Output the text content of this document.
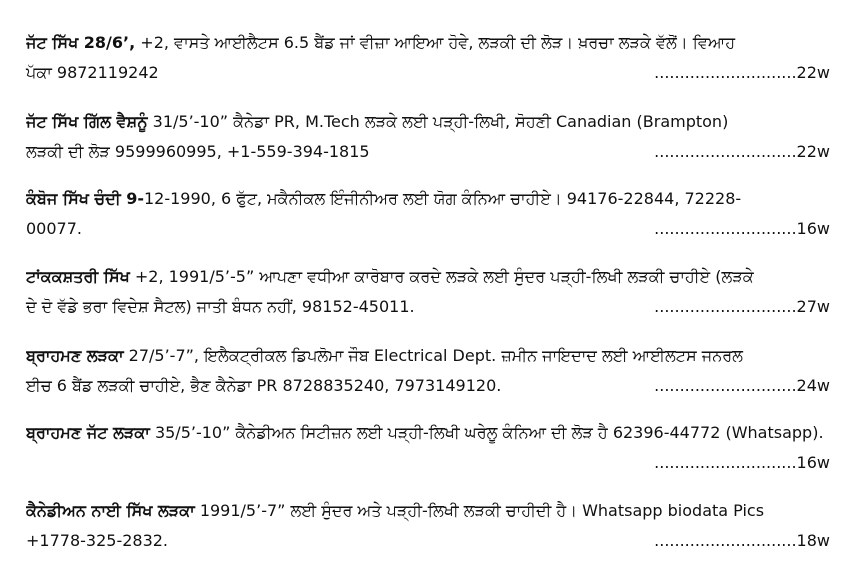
ਜੱਟ ਸਿੱਖ 28/6’, +2, ਵਾਸਤੇ ਆਈਲੈਟਸ 6.5 ਬੈਂਡ ਜਾਂ ਵੀਜ਼ਾ ਆਇਆ ਹੋਵੇ, ਲੜਕੀ ਦੀ ਲੋੜ। ਖ਼ਰਚਾ ਲੜਕੇ ਵੱਲੋਂ। ਵਿਆਹ
ਪੱਕਾ 9872119242	............................22w
ਜੱਟ ਸਿੱਖ ਗਿੱਲ ਵੈਸ਼ਨੂੰ 31/5’-10” ਕੈਨੇਡਾ PR, M.Tech ਲੜਕੇ ਲਈ ਪੜ੍ਹੀ-ਲਿਖੀ, ਸੋਹਣੀ Canadian (Brampton)
ਲੜਕੀ ਦੀ ਲੋੜ 9599960995, +1-559-394-1815	............................22w
ਕੰਬੋਜ ਸਿੱਖ ਚੰਦੀ 9-12-1990, 6 ਫੁੱਟ, ਮਕੈਨੀਕਲ ਇੰਜੀਨੀਅਰ ਲਈ ਯੋਗ ਕੰਨਿਆ ਚਾਹੀਏ। 94176-22844, 72228-
00077.	............................16w
ਟਾਂਕਕਸ਼ਤਰੀ ਸਿੱਖ +2, 1991/5’-5” ਆਪਣਾ ਵਧੀਆ ਕਾਰੋਬਾਰ ਕਰਦੇ ਲੜਕੇ ਲਈ ਸੁੰਦਰ ਪੜ੍ਹੀ-ਲਿਖੀ ਲੜਕੀ ਚਾਹੀਏ (ਲੜਕੇ
ਦੇ ਦੋ ਵੱਡੇ ਭਰਾ ਵਿਦੇਸ਼ ਸੈਟਲ) ਜਾਤੀ ਬੰਧਨ ਨਹੀਂ, 98152-45011.	............................27w
ਬ੍ਰਾਹਮਣ ਲੜਕਾ 27/5’-7”, ਇਲੈਕਟ੍ਰੀਕਲ ਡਿਪਲੋਮਾ ਜੌਬ Electrical Dept. ਜ਼ਮੀਨ ਜਾਇਦਾਦ ਲਈ ਆਈਲਟਸ ਜਨਰਲ
ਈਚ 6 ਬੈਂਡ ਲੜਕੀ ਚਾਹੀਏ, ਭੈਣ ਕੈਨੇਡਾ PR 8728835240, 7973149120.	............................24w
ਬ੍ਰਾਹਮਣ ਜੱਟ ਲੜਕਾ 35/5’-10” ਕੈਨੇਡੀਅਨ ਸਿਟੀਜ਼ਨ ਲਈ ਪੜ੍ਹੀ-ਲਿਖੀ ਘਰੇਲੂ ਕੰਨਿਆ ਦੀ ਲੋੜ ਹੈ 62396-44772 (Whatsapp).
............................16w
ਕੈਨੇਡੀਅਨ ਨਾਈ ਸਿੱਖ ਲੜਕਾ 1991/5’-7” ਲਈ ਸੁੰਦਰ ਅਤੇ ਪੜ੍ਹੀ-ਲਿਖੀ ਲੜਕੀ ਚਾਹੀਦੀ ਹੈ। Whatsapp biodata Pics
+1778-325-2832.	............................18w
